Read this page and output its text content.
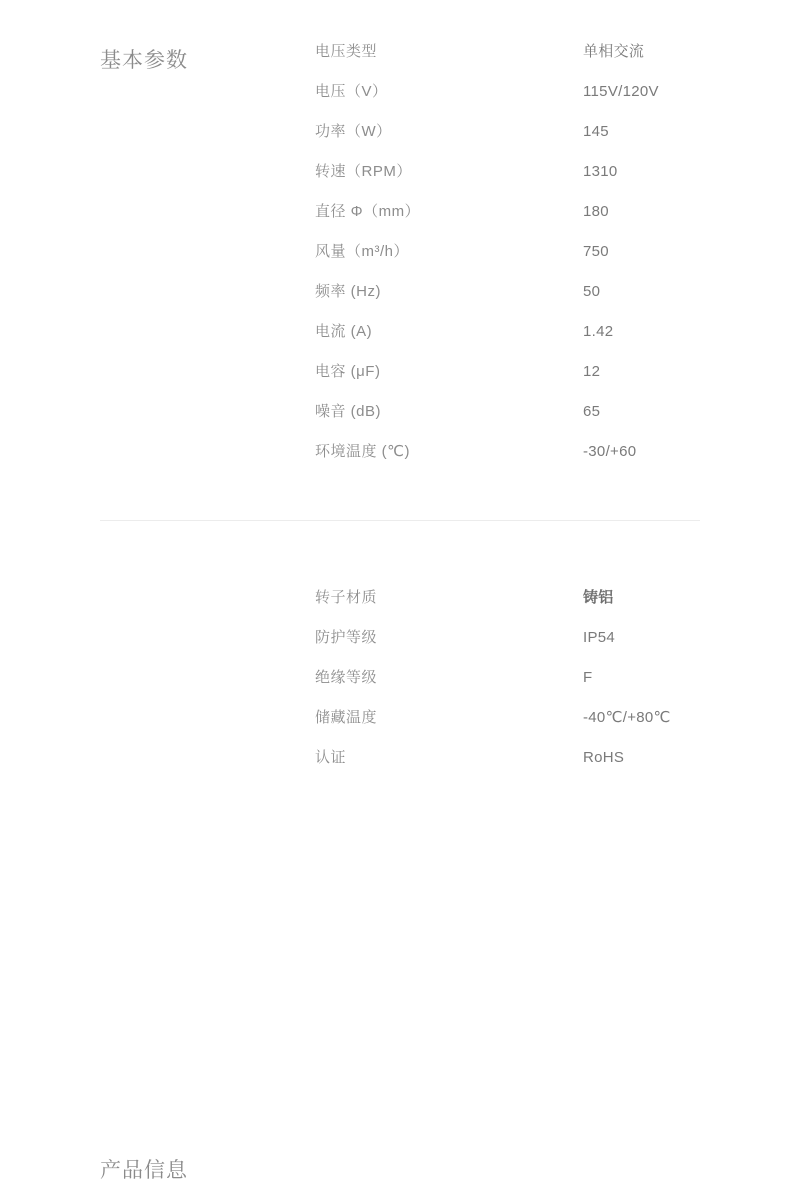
基本参数	电压类型	单相交流
电压（V）	115V/120V
功率（W）	145
转速（RPM）	1310
直径 Φ（mm）	180
风量（m³/h）	750
频率 (Hz)	50
电流 (A)	1.42
电容 (μF)	12
噪音 (dB)	65
环境温度 (℃)	-30/+60
产品信息
转子材质	铸铝
防护等级	IP54
绝缘等级	F
储藏温度	-40℃/+80℃
认证	RoHS
